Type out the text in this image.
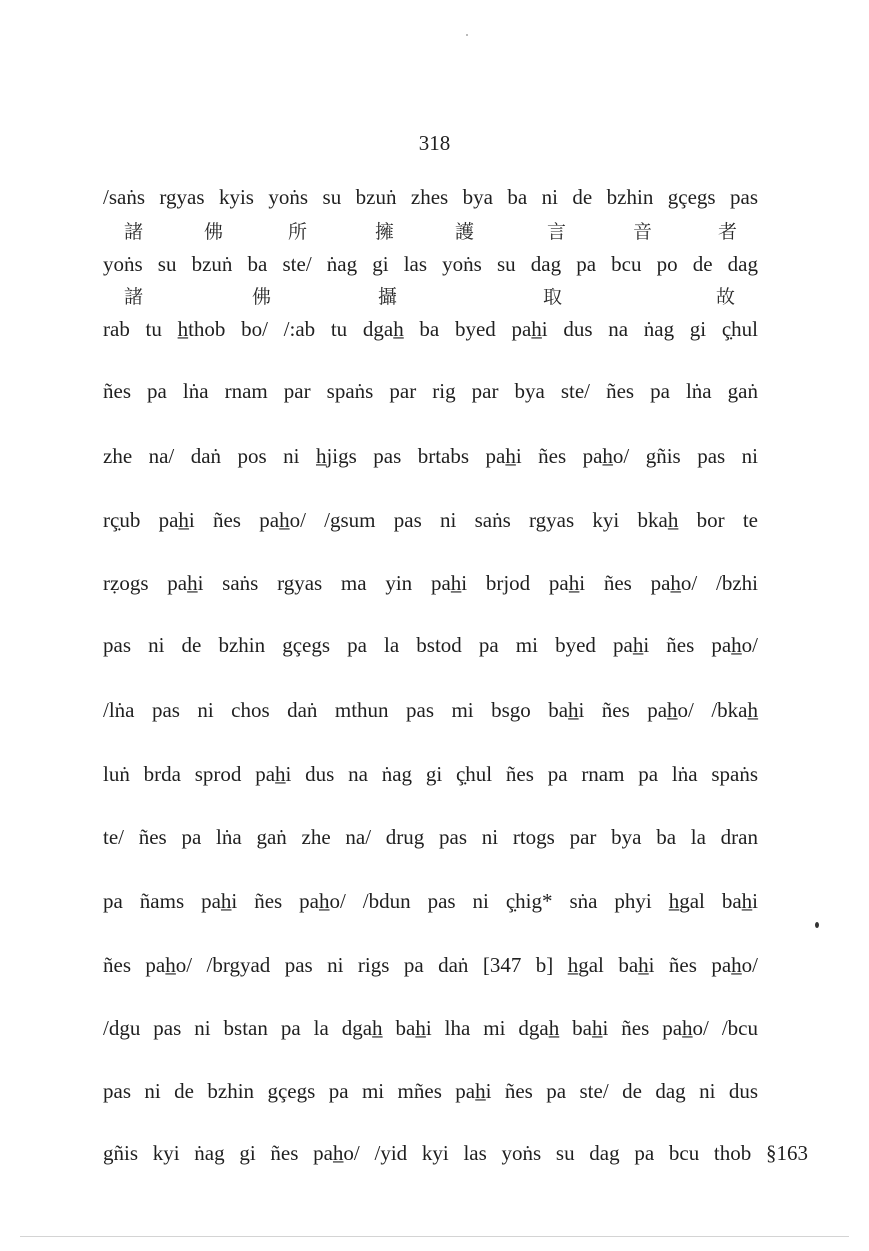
318
/saṅs rgyas kyis yoṅs su bzuṅ zhes bya ba ni de bzhin gçegs pas
yoṅs su bzuṅ ba ste/ ṅag gi las yoṅs su dag pa bcu po de dag
rab tu h̲thob bo/ /:ab tu dgah̲ ba byed pah̲i dus na ṅag gi ç̣hul
ñes pa lṅa rnam par spaṅs par rig par bya ste/ ñes pa lṅa gaṅ
zhe na/ daṅ pos ni h̲jigs pas brtabs pah̲i ñes pah̲o/ gñis pas ni
rç̣ub pah̲i ñes pah̲o/ /gsum pas ni saṅs rgyas kyi bkah̲ bor te
rẓogs pah̲i saṅs rgyas ma yin pah̲i brjod pah̲i ñes pah̲o/ /bzhi
pas ni de bzhin gçegs pa la bstod pa mi byed pah̲i ñes pah̲o/
/lṅa pas ni chos daṅ mthun pas mi bsgo bah̲i ñes pah̲o/ /bkah̲
luṅ brda sprod pah̲i dus na ṅag gi ç̣hul ñes pa rnam pa lṅa spaṅs
te/ ñes pa lṅa gaṅ zhe na/ drug pas ni rtogs par bya ba la dran
pa ñams pah̲i ñes pah̲o/ /bdun pas ni ç̣hig* sṅa phyi h̲gal bah̲i
ñes pah̲o/ /brgyad pas ni rigs pa daṅ [347 b] h̲gal bah̲i ñes pah̲o/
/dgu pas ni bstan pa la dgah̲ bah̲i lha mi dgah̲ bah̲i ñes pah̲o/ /bcu
pas ni de bzhin gçegs pa mi mñes pah̲i ñes pa ste/ de dag ni dus
gñis kyi ṅag gi ñes pah̲o/ /yid kyi las yoṅs su dag pa bcu thob §163
諸	佛	所	擁	護	言	音	者
諸	佛	攝	取	故
